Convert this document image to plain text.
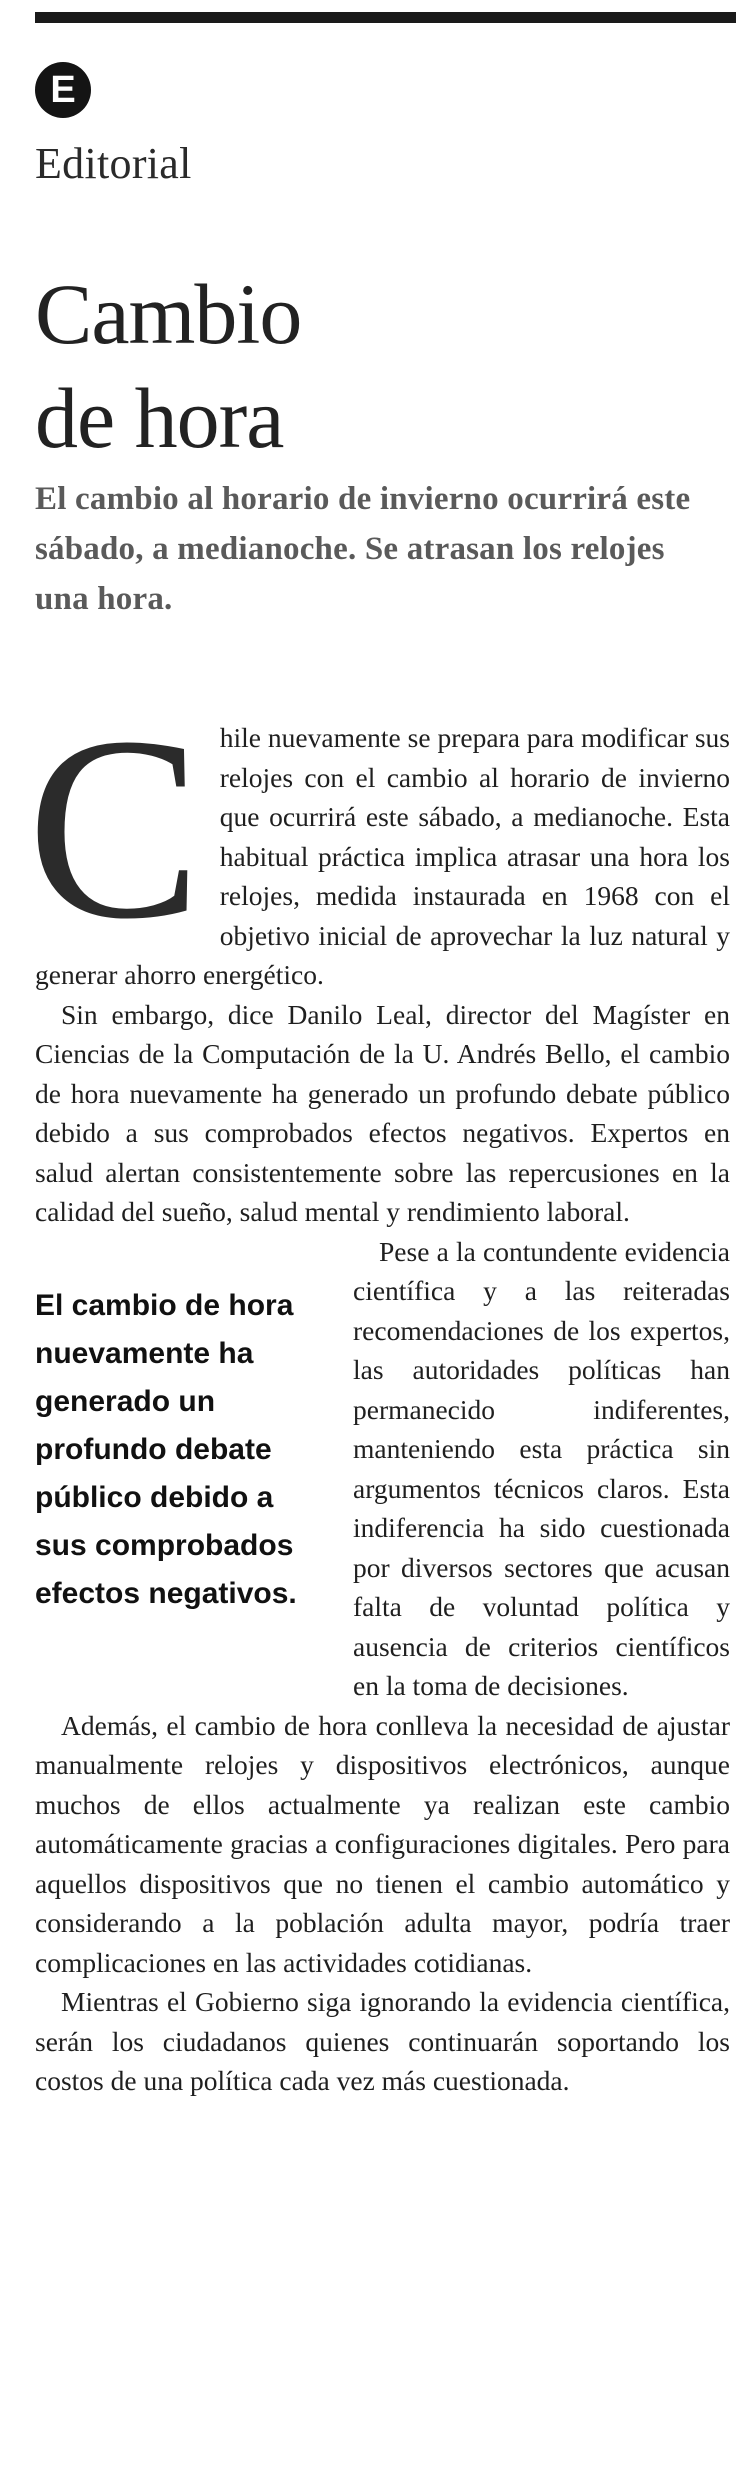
E
Editorial
Cambio
de hora
El cambio al horario de invierno ocurrirá este sábado, a medianoche. Se atrasan los relojes una hora.

Chile nuevamente se prepara para modificar sus relojes con el cambio al horario de invierno que ocurrirá este sábado, a medianoche. Esta habitual práctica implica atrasar una hora los relojes, medida instaurada en 1968 con el objetivo inicial de aprovechar la luz natural y generar ahorro energético.

Sin embargo, dice Danilo Leal, director del Magíster en Ciencias de la Computación de la U. Andrés Bello, el cambio de hora nuevamente ha generado un profundo debate público debido a sus comprobados efectos negativos. Expertos en salud alertan consistentemente sobre las repercusiones en la calidad del sueño, salud mental y rendimiento laboral.

El cambio de hora nuevamente ha generado un profundo debate público debido a sus comprobados efectos negativos.
Pese a la contundente evidencia científica y a las reiteradas recomendaciones de los expertos, las autoridades políticas han permanecido indiferentes, manteniendo esta práctica sin argumentos técnicos claros. Esta indiferencia ha sido cuestionada por diversos sectores que acusan falta de voluntad política y ausencia de criterios científicos en la toma de decisiones.

Además, el cambio de hora conlleva la necesidad de ajustar manualmente relojes y dispositivos electrónicos, aunque muchos de ellos actualmente ya realizan este cambio automáticamente gracias a configuraciones digitales. Pero para aquellos dispositivos que no tienen el cambio automático y considerando a la población adulta mayor, podría traer complicaciones en las actividades cotidianas.

Mientras el Gobierno siga ignorando la evidencia científica, serán los ciudadanos quienes continuarán soportando los costos de una política cada vez más cuestionada.
